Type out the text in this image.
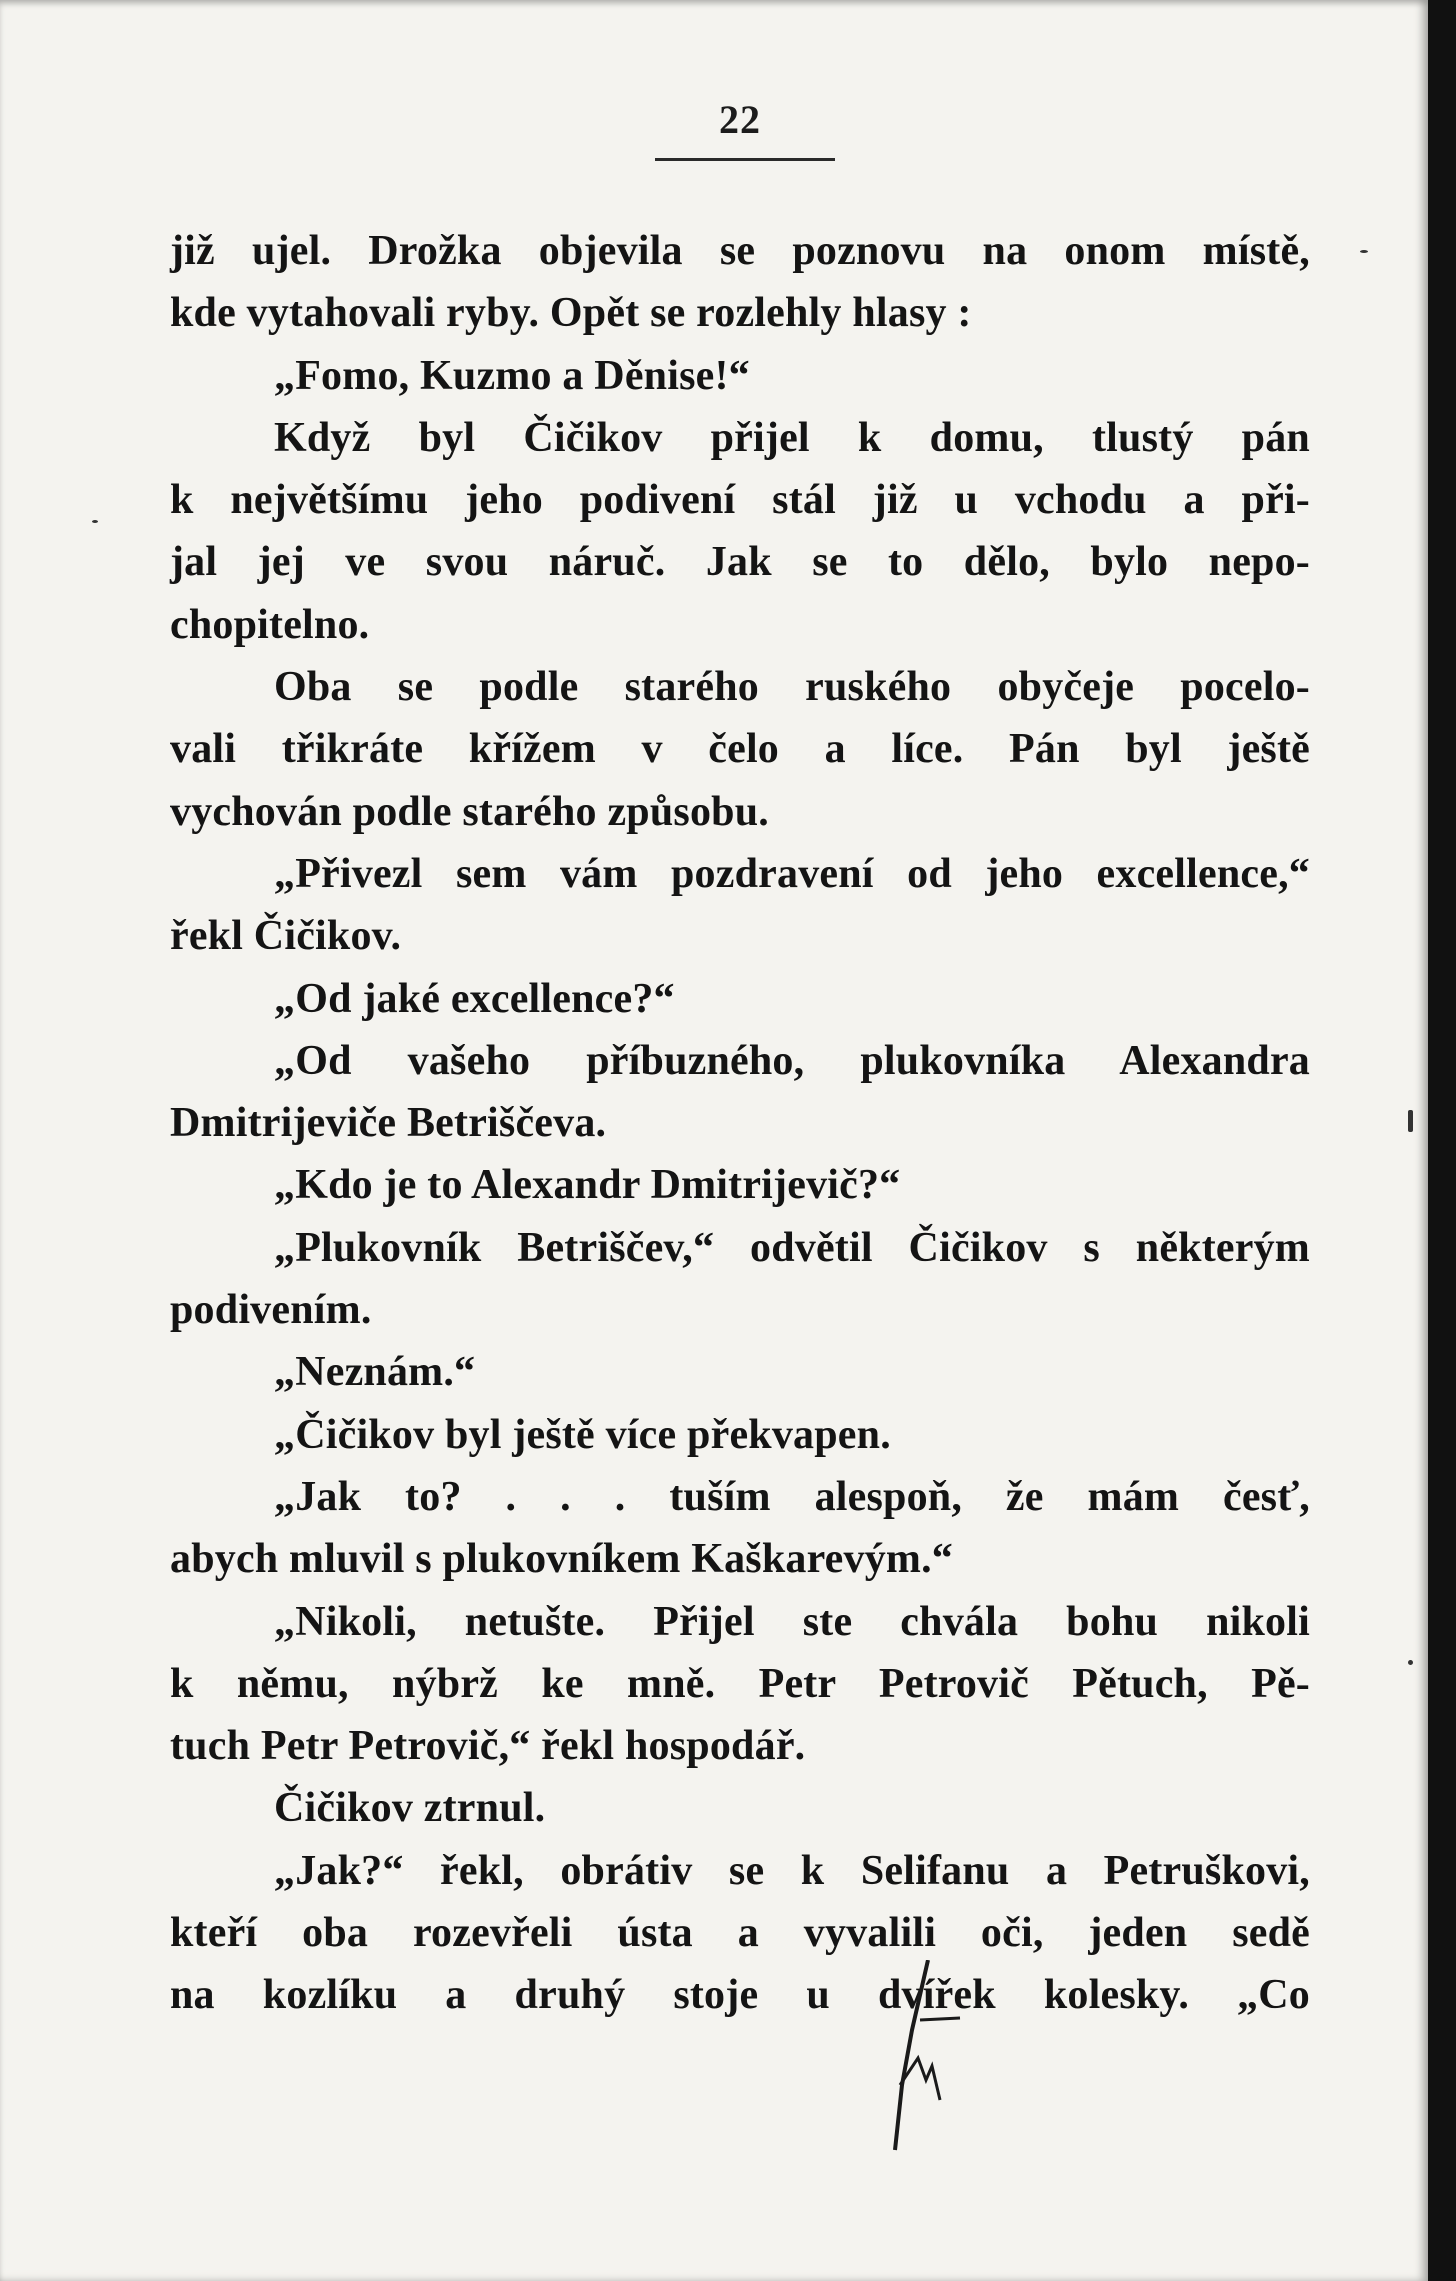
22
již ujel. Drožka objevila se poznovu na onom místě,
kde vytahovali ryby. Opět se rozlehly hlasy :
„Fomo, Kuzmo a Děnise!“
Když byl Čičikov přijel k domu, tlustý pán
k největšímu jeho podivení stál již u vchodu a při-
jal jej ve svou náruč. Jak se to dělo, bylo nepo-
chopitelno.
Oba se podle starého ruského obyčeje pocelo-
vali třikráte křížem v čelo a líce. Pán byl ještě
vychován podle starého způsobu.
„Přivezl sem vám pozdravení od jeho excellence,“
řekl Čičikov.
„Od jaké excellence?“
„Od vašeho příbuzného, plukovníka Alexandra
Dmitrijeviče Betriščeva.
„Kdo je to Alexandr Dmitrijevič?“
„Plukovník Betriščev,“ odvětil Čičikov s některým
podivením.
„Neznám.“
„Čičikov byl ještě více překvapen.
„Jak to? . . . tuším alespoň, že mám česť,
abych mluvil s plukovníkem Kaškarevým.“
„Nikoli, netušte. Přijel ste chvála bohu nikoli
k němu, nýbrž ke mně. Petr Petrovič Pětuch, Pě-
tuch Petr Petrovič,“ řekl hospodář.
Čičikov ztrnul.
„Jak?“ řekl, obrátiv se k Selifanu a Petruškovi,
kteří oba rozevřeli ústa a vyvalili oči, jeden sedě
na kozlíku a druhý stoje u dvířek kolesky. „Co
